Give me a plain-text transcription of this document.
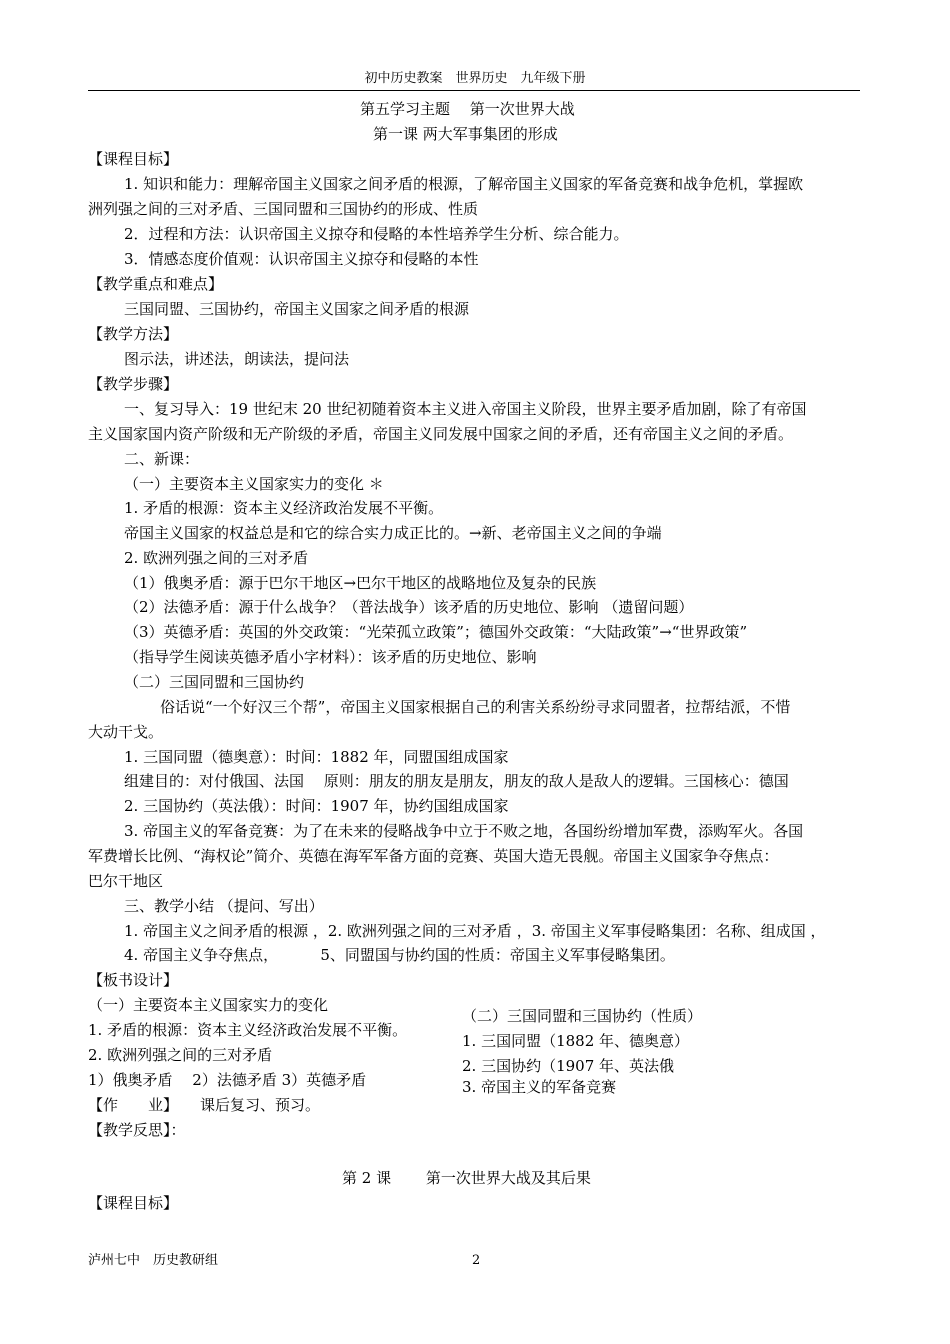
初中历史教案　世界历史　九年级下册
第五学习主题　 第一次世界大战
第一课 两大军事集团的形成
【课程目标】
1. 知识和能力：理解帝国主义国家之间矛盾的根源，了解帝国主义国家的军备竞赛和战争危机，掌握欧
洲列强之间的三对矛盾、三国同盟和三国协约的形成、性质
2．过程和方法：认识帝国主义掠夺和侵略的本性培养学生分析、综合能力。
3．情感态度价值观：认识帝国主义掠夺和侵略的本性
【教学重点和难点】
三国同盟、三国协约，帝国主义国家之间矛盾的根源
【教学方法】
图示法，讲述法，朗读法，提问法
【教学步骤】
一、复习导入：19 世纪末 20 世纪初随着资本主义进入帝国主义阶段，世界主要矛盾加剧，除了有帝国
主义国家国内资产阶级和无产阶级的矛盾，帝国主义同发展中国家之间的矛盾，还有帝国主义之间的矛盾。
二、新课：
（一）主要资本主义国家实力的变化 ＊
1. 矛盾的根源：资本主义经济政治发展不平衡。
帝国主义国家的权益总是和它的综合实力成正比的。→新、老帝国主义之间的争端
2. 欧洲列强之间的三对矛盾
（1）俄奥矛盾：源于巴尔干地区→巴尔干地区的战略地位及复杂的民族
（2）法德矛盾：源于什么战争？（普法战争）该矛盾的历史地位、影响 （遗留问题）
（3）英德矛盾：英国的外交政策：“光荣孤立政策”；德国外交政策：“大陆政策”→“世界政策”
（指导学生阅读英德矛盾小字材料）：该矛盾的历史地位、影响
（二）三国同盟和三国协约
俗话说“一个好汉三个帮”，帝国主义国家根据自己的利害关系纷纷寻求同盟者，拉帮结派，不惜
大动干戈。
1. 三国同盟（德奥意）：时间：1882 年，同盟国组成国家
组建目的：对付俄国、法国　 原则：朋友的朋友是朋友，朋友的敌人是敌人的逻辑。三国核心：德国
2. 三国协约（英法俄）：时间：1907 年，协约国组成国家
3. 帝国主义的军备竞赛：为了在未来的侵略战争中立于不败之地，各国纷纷增加军费，添购军火。各国
军费增长比例、“海权论”简介、英德在海军军备方面的竞赛、英国大造无畏舰。帝国主义国家争夺焦点：
巴尔干地区
三、教学小结 （提问、写出）
1. 帝国主义之间矛盾的根源 ，2. 欧洲列强之间的三对矛盾 ，3. 帝国主义军事侵略集团：名称、组成国 ，
4. 帝国主义争夺焦点，　　　 5、同盟国与协约国的性质：帝国主义军事侵略集团。
【板书设计】
（一）主要资本主义国家实力的变化
1. 矛盾的根源：资本主义经济政治发展不平衡。
2. 欧洲列强之间的三对矛盾
1）俄奥矛盾　 2）法德矛盾 3）英德矛盾
（二）三国同盟和三国协约（性质）
1. 三国同盟（1882 年、德奥意）
2. 三国协约（1907 年、英法俄
3. 帝国主义的军备竞赛
【作　　业】 课后复习、预习。
【教学反思】：
第 2 课　　 第一次世界大战及其后果
【课程目标】
泸州七中　历史教研组	2
